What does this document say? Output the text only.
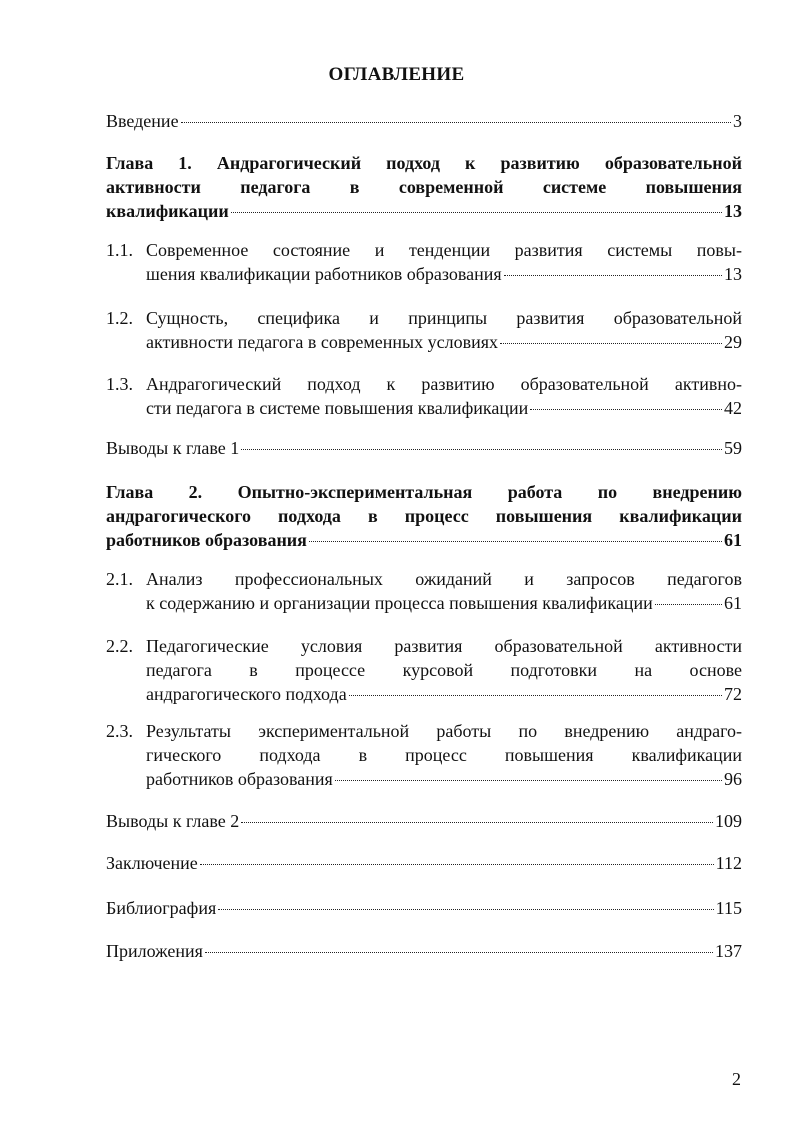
ОГЛАВЛЕНИЕ
Введение	3
Глава 1. Андрагогический подход к развитию образовательной
активности педагога в современной системе повышения
квалификации	13
1.1. Современное состояние и тенденции развития системы повы-
шения квалификации работников образования	13
1.2. Сущность, специфика и принципы развития образовательной
активности педагога в современных условиях	29
1.3. Андрагогический подход к развитию образовательной активно-
сти педагога в системе повышения квалификации	42
Выводы к главе 1	59
Глава 2. Опытно-экспериментальная работа по внедрению
андрагогического подхода в процесс повышения квалификации
работников образования	61
2.1. Анализ профессиональных ожиданий и запросов педагогов
к содержанию и организации процесса повышения квалификации	61
2.2. Педагогические условия развития образовательной активности
педагога в процессе курсовой подготовки на основе
андрагогического подхода	72
2.3. Результаты экспериментальной работы по внедрению андраго-
гического подхода в процесс повышения квалификации
работников образования	96
Выводы к главе 2	109
Заключение	112
Библиография	115
Приложения	137
2
